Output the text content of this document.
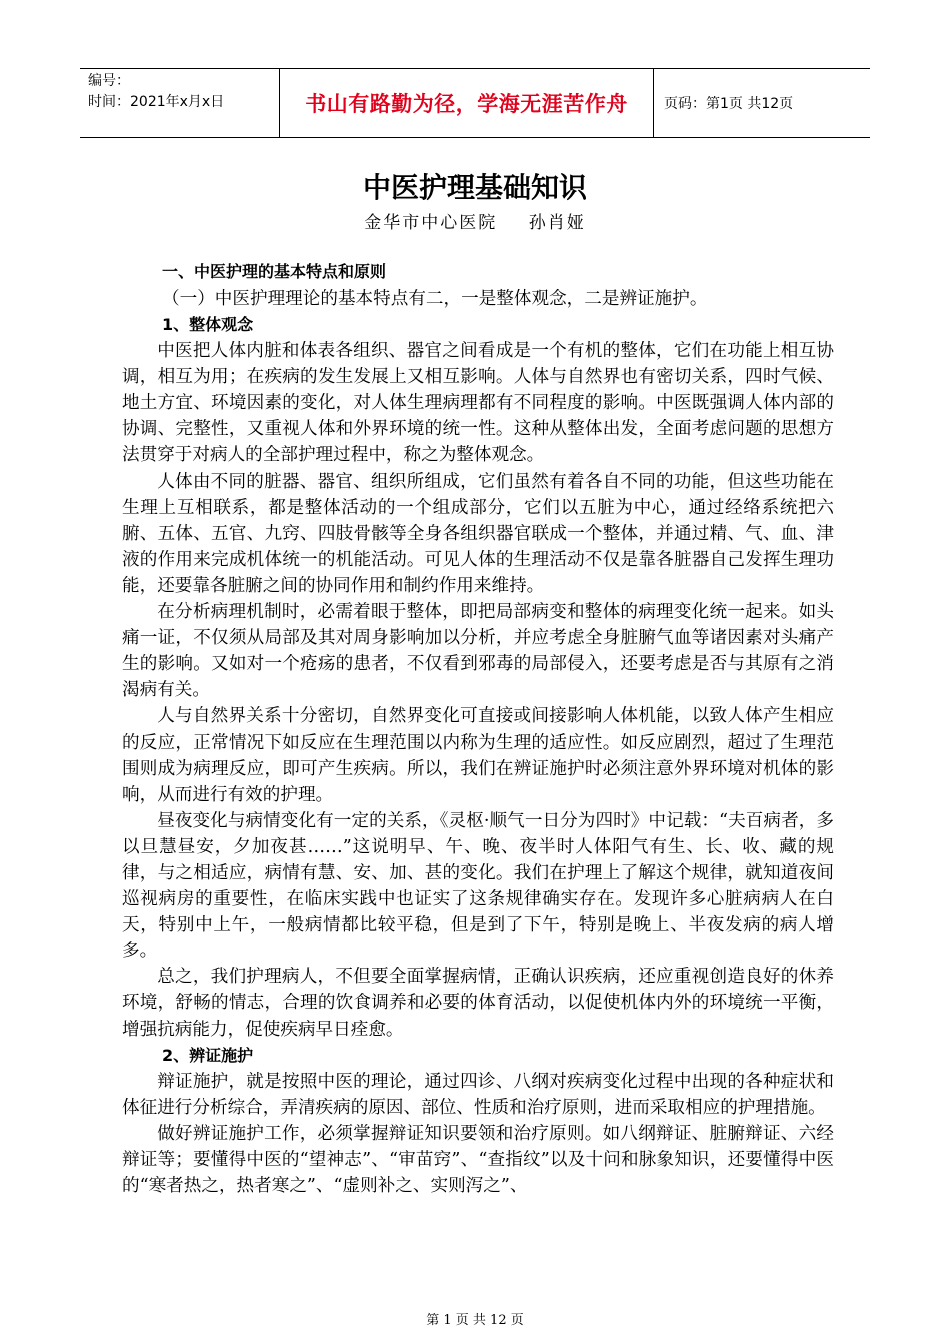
编号：
时间：2021年x月x日	书山有路勤为径，学海无涯苦作舟	页码：第1页 共12页
中医护理基础知识
金华市中心医院 孙肖娅
一、中医护理的基本特点和原则

（一）中医护理理论的基本特点有二，一是整体观念，二是辨证施护。

1、整体观念

中医把人体内脏和体表各组织、器官之间看成是一个有机的整体，它们在功能上相互协调，相互为用；在疾病的发生发展上又相互影响。人体与自然界也有密切关系，四时气候、地土方宜、环境因素的变化，对人体生理病理都有不同程度的影响。中医既强调人体内部的协调、完整性，又重视人体和外界环境的统一性。这种从整体出发，全面考虑问题的思想方法贯穿于对病人的全部护理过程中，称之为整体观念。

人体由不同的脏器、器官、组织所组成，它们虽然有着各自不同的功能，但这些功能在生理上互相联系，都是整体活动的一个组成部分，它们以五脏为中心，通过经络系统把六腑、五体、五官、九窍、四肢骨骸等全身各组织器官联成一个整体，并通过精、气、血、津液的作用来完成机体统一的机能活动。可见人体的生理活动不仅是靠各脏器自己发挥生理功能，还要靠各脏腑之间的协同作用和制约作用来维持。

在分析病理机制时，必需着眼于整体，即把局部病变和整体的病理变化统一起来。如头痛一证，不仅须从局部及其对周身影响加以分析，并应考虑全身脏腑气血等诸因素对头痛产生的影响。又如对一个疮疡的患者，不仅看到邪毒的局部侵入，还要考虑是否与其原有之消渴病有关。

人与自然界关系十分密切，自然界变化可直接或间接影响人体机能，以致人体产生相应的反应，正常情况下如反应在生理范围以内称为生理的适应性。如反应剧烈，超过了生理范围则成为病理反应，即可产生疾病。所以，我们在辨证施护时必须注意外界环境对机体的影响，从而进行有效的护理。

昼夜变化与病情变化有一定的关系，《灵枢·顺气一日分为四时》中记载：“夫百病者，多以旦慧昼安，夕加夜甚……”这说明早、午、晚、夜半时人体阳气有生、长、收、藏的规律，与之相适应，病情有慧、安、加、甚的变化。我们在护理上了解这个规律，就知道夜间巡视病房的重要性，在临床实践中也证实了这条规律确实存在。发现许多心脏病病人在白天，特别中上午，一般病情都比较平稳，但是到了下午，特别是晚上、半夜发病的病人增多。

总之，我们护理病人，不但要全面掌握病情，正确认识疾病，还应重视创造良好的休养环境，舒畅的情志，合理的饮食调养和必要的体育活动，以促使机体内外的环境统一平衡，增强抗病能力，促使疾病早日痊愈。

2、辨证施护

辩证施护，就是按照中医的理论，通过四诊、八纲对疾病变化过程中出现的各种症状和体征进行分析综合，弄清疾病的原因、部位、性质和治疗原则，进而采取相应的护理措施。

做好辨证施护工作，必须掌握辩证知识要领和治疗原则。如八纲辩证、脏腑辩证、六经辩证等；要懂得中医的“望神志”、“审苗窍”、“查指纹”以及十问和脉象知识，还要懂得中医的“寒者热之，热者寒之”、“虚则补之、实则泻之”、

第 1 页 共 12 页
